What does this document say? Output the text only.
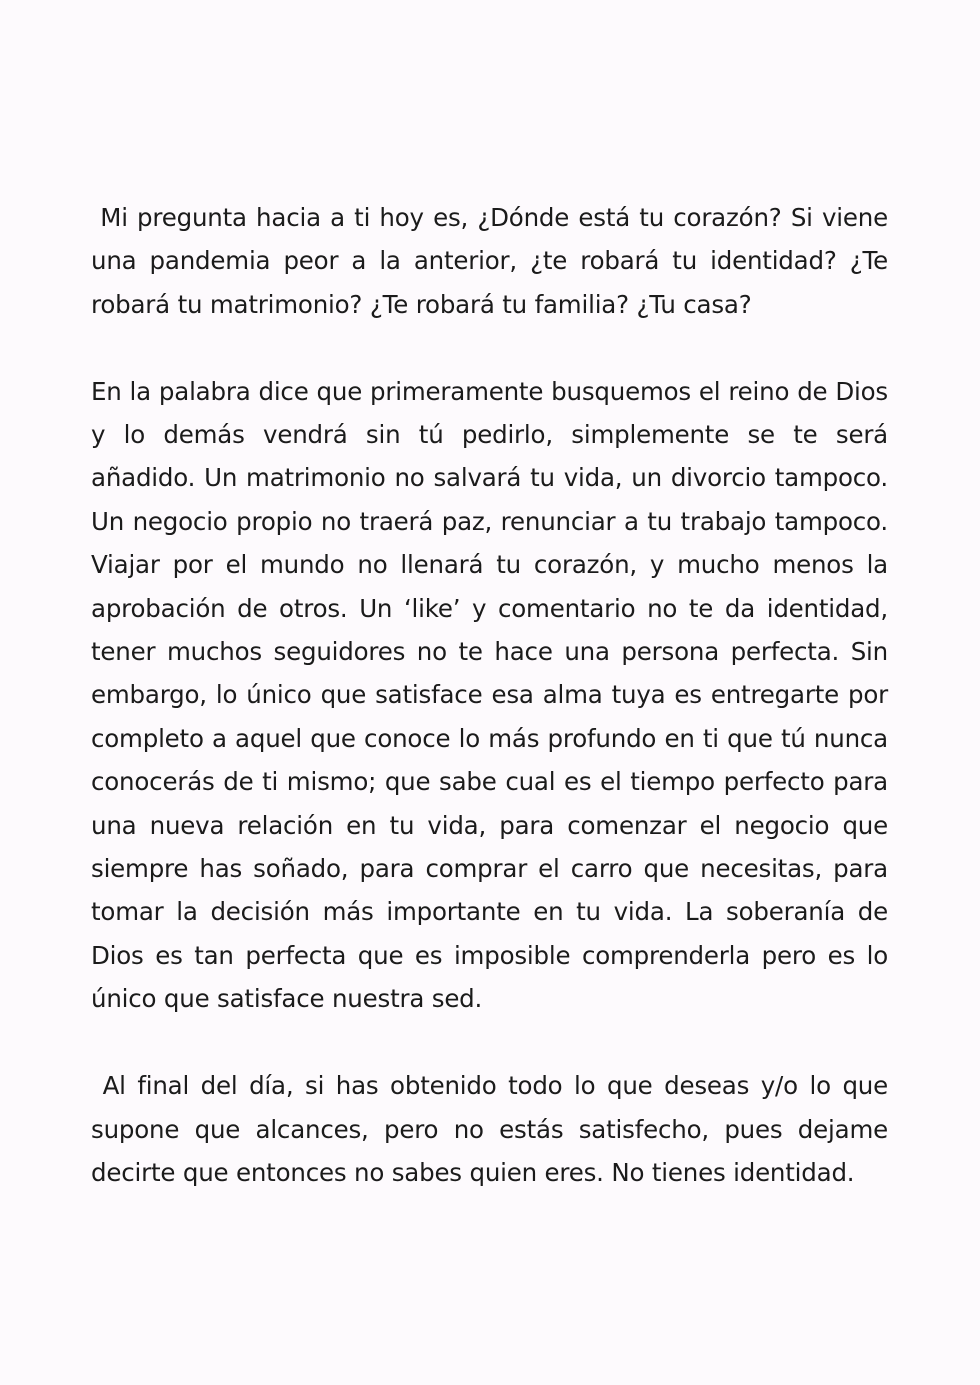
Mi pregunta hacia a ti hoy es, ¿Dónde está tu corazón? Si viene una pandemia peor a la anterior, ¿te robará tu identidad? ¿Te robará tu matrimonio? ¿Te robará tu familia? ¿Tu casa?

En la palabra dice que primeramente busquemos el reino de Dios y lo demás vendrá sin tú pedirlo, simplemente se te será añadido. Un matrimonio no salvará tu vida, un divorcio tampoco. Un negocio propio no traerá paz, renunciar a tu trabajo tampoco. Viajar por el mundo no llenará tu corazón, y mucho menos la aprobación de otros. Un ‘like’ y comentario no te da identidad, tener muchos seguidores no te hace una persona perfecta. Sin embargo, lo único que satisface esa alma tuya es entregarte por completo a aquel que conoce lo más profundo en ti que tú nunca conocerás de ti mismo; que sabe cual es el tiempo perfecto para una nueva relación en tu vida, para comenzar el negocio que siempre has soñado, para comprar el carro que necesitas, para tomar la decisión más importante en tu vida. La soberanía de Dios es tan perfecta que es imposible comprenderla pero es lo único que satisface nuestra sed.

Al final del día, si has obtenido todo lo que deseas y/o lo que supone que alcances, pero no estás satisfecho, pues dejame decirte que entonces no sabes quien eres. No tienes identidad.
